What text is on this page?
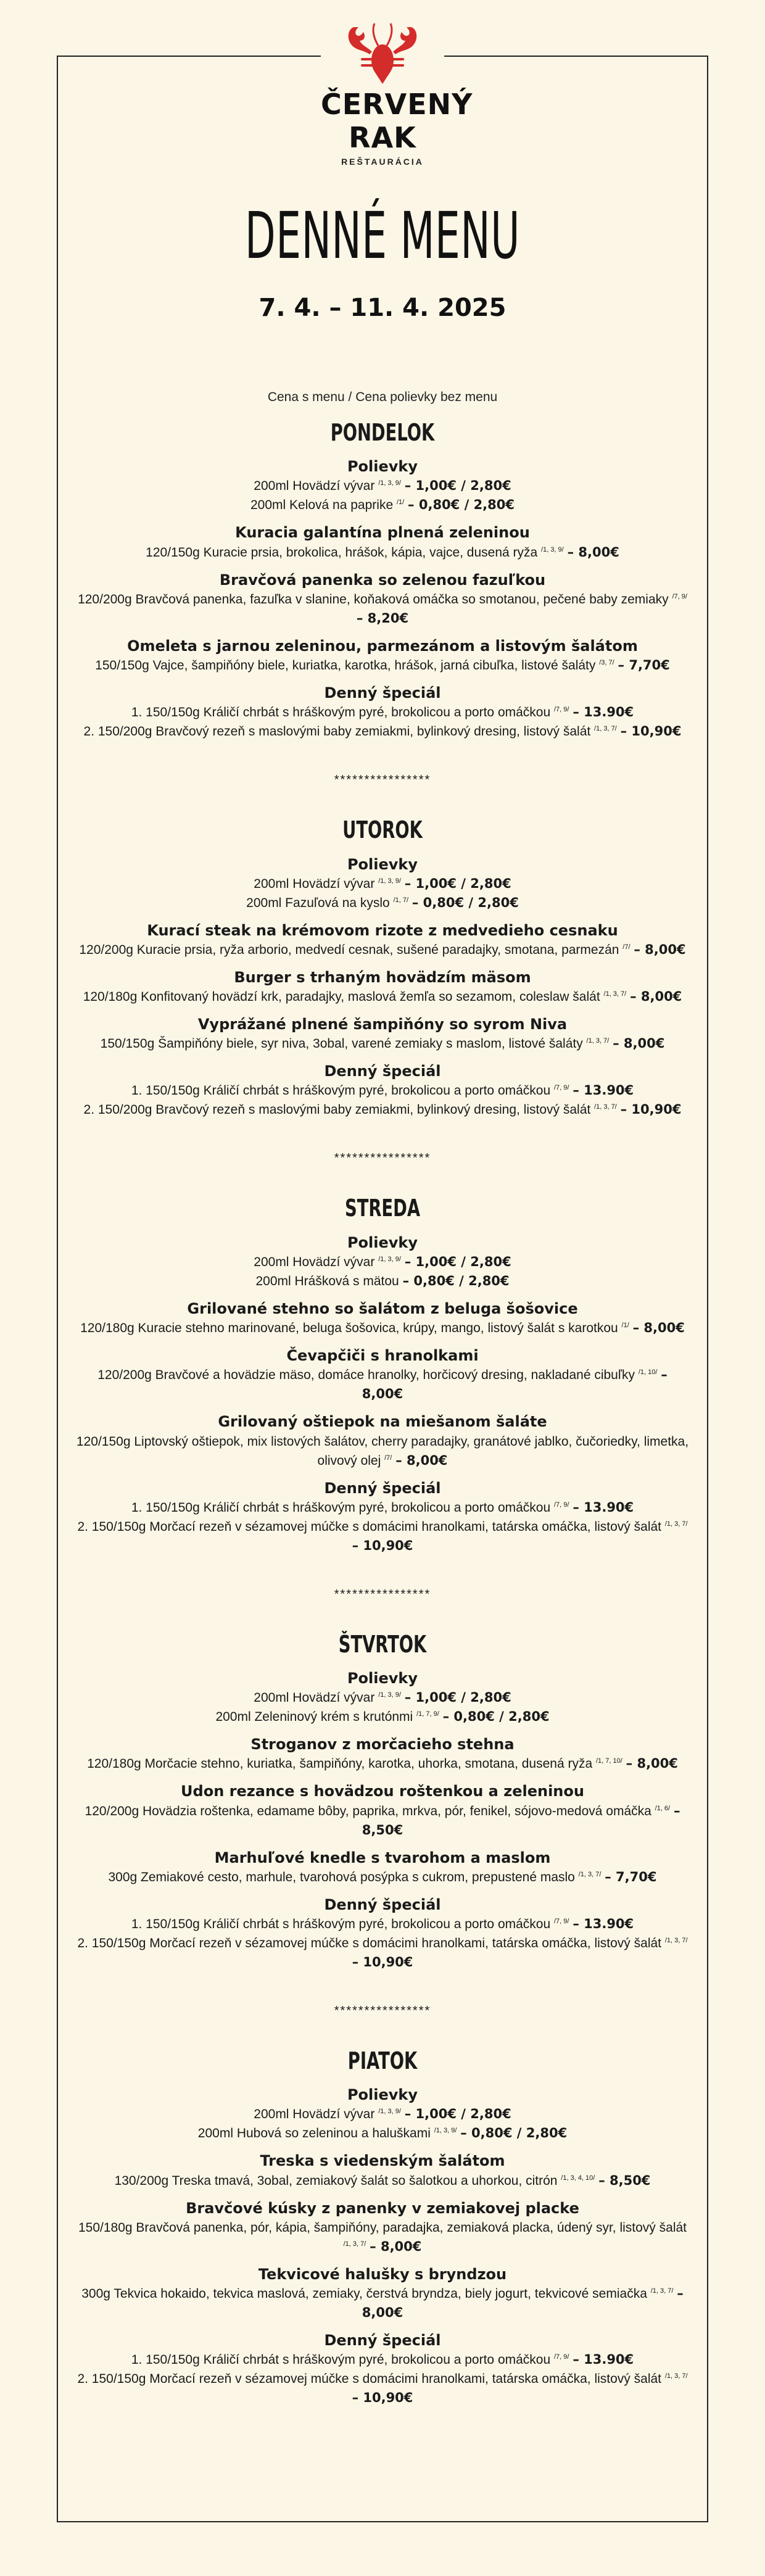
ČERVENÝ RAK
REŠTAURÁCIA
DENNÉ MENU
7. 4. – 11. 4. 2025
Cena s menu / Cena polievky bez menu
PONDELOK
Polievky
200ml Hovädzí vývar $^{/1, 3, 9/}$ – 1,00€ / 2,80€
200ml Kelová na paprike $^{/1/}$ – 0,80€ / 2,80€
Kuracia galantína plnená zeleninou
120/150g Kuracie prsia, brokolica, hrášok, kápia, vajce, dusená ryža $^{/1, 3, 9/}$ – 8,00€
Bravčová panenka so zelenou fazuľkou
120/200g Bravčová panenka, fazuľka v slanine, koňaková omáčka so smotanou, pečené baby zemiaky $^{/7, 9/}$ – 8,20€
Omeleta s jarnou zeleninou, parmezánom a listovým šalátom
150/150g Vajce, šampiňóny biele, kuriatka, karotka, hrášok, jarná cibuľka, listové šaláty $^{/3, 7/}$ – 7,70€
Denný špeciál
1. 150/150g Králičí chrbát s hráškovým pyré, brokolicou a porto omáčkou $^{/7, 9/}$ – 13.90€
2. 150/200g Bravčový rezeň s maslovými baby zemiakmi, bylinkový dresing, listový šalát $^{/1, 3, 7/}$ – 10,90€
****************
UTOROK
Polievky
200ml Hovädzí vývar $^{/1, 3, 9/}$ – 1,00€ / 2,80€
200ml Fazuľová na kyslo $^{/1, 7/}$ – 0,80€ / 2,80€
Kurací steak na krémovom rizote z medvedieho cesnaku
120/200g Kuracie prsia, ryža arborio, medvedí cesnak, sušené paradajky, smotana, parmezán $^{/7/}$ – 8,00€
Burger s trhaným hovädzím mäsom
120/180g Konfitovaný hovädzí krk, paradajky, maslová žemľa so sezamom, coleslaw šalát $^{/1, 3, 7/}$ – 8,00€
Vyprážané plnené šampiňóny so syrom Niva
150/150g Šampiňóny biele, syr niva, 3obal, varené zemiaky s maslom, listové šaláty $^{/1, 3, 7/}$ – 8,00€
Denný špeciál
1. 150/150g Králičí chrbát s hráškovým pyré, brokolicou a porto omáčkou $^{/7, 9/}$ – 13.90€
2. 150/200g Bravčový rezeň s maslovými baby zemiakmi, bylinkový dresing, listový šalát $^{/1, 3, 7/}$ – 10,90€
****************
STREDA
Polievky
200ml Hovädzí vývar $^{/1, 3, 9/}$ – 1,00€ / 2,80€
200ml Hrášková s mätou – 0,80€ / 2,80€
Grilované stehno so šalátom z beluga šošovice
120/180g Kuracie stehno marinované, beluga šošovica, krúpy, mango, listový šalát s karotkou $^{/1/}$ – 8,00€
Čevapčiči s hranolkami
120/200g Bravčové a hovädzie mäso, domáce hranolky, horčicový dresing, nakladané cibuľky $^{/1, 10/}$ – 8,00€
Grilovaný oštiepok na miešanom šaláte
120/150g Liptovský oštiepok, mix listových šalátov, cherry paradajky, granátové jablko, čučoriedky, limetka, olivový olej $^{/7/}$ – 8,00€
Denný špeciál
1. 150/150g Králičí chrbát s hráškovým pyré, brokolicou a porto omáčkou $^{/7, 9/}$ – 13.90€
2. 150/150g Morčací rezeň v sézamovej múčke s domácimi hranolkami, tatárska omáčka, listový šalát $^{/1, 3, 7/}$ – 10,90€
****************
ŠTVRTOK
Polievky
200ml Hovädzí vývar $^{/1, 3, 9/}$ – 1,00€ / 2,80€
200ml Zeleninový krém s krutónmi $^{/1, 7, 9/}$ – 0,80€ / 2,80€
Stroganov z morčacieho stehna
120/180g Morčacie stehno, kuriatka, šampiňóny, karotka, uhorka, smotana, dusená ryža $^{/1, 7, 10/}$ – 8,00€
Udon rezance s hovädzou roštenkou a zeleninou
120/200g Hovädzia roštenka, edamame bôby, paprika, mrkva, pór, fenikel, sójovo-medová omáčka $^{/1, 6/}$ – 8,50€
Marhuľové knedle s tvarohom a maslom
300g Zemiakové cesto, marhule, tvarohová posýpka s cukrom, prepustené maslo $^{/1, 3, 7/}$ – 7,70€
Denný špeciál
1. 150/150g Králičí chrbát s hráškovým pyré, brokolicou a porto omáčkou $^{/7, 9/}$ – 13.90€
2. 150/150g Morčací rezeň v sézamovej múčke s domácimi hranolkami, tatárska omáčka, listový šalát $^{/1, 3, 7/}$ – 10,90€
****************
PIATOK
Polievky
200ml Hovädzí vývar $^{/1, 3, 9/}$ – 1,00€ / 2,80€
200ml Hubová so zeleninou a haluškami $^{/1, 3, 9/}$ – 0,80€ / 2,80€
Treska s viedenským šalátom
130/200g Treska tmavá, 3obal, zemiakový šalát so šalotkou a uhorkou, citrón $^{/1, 3, 4, 10/}$ – 8,50€
Bravčové kúsky z panenky v zemiakovej placke
150/180g Bravčová panenka, pór, kápia, šampiňóny, paradajka, zemiaková placka, údený syr, listový šalát $^{/1, 3, 7/}$ – 8,00€
Tekvicové halušky s bryndzou
300g Tekvica hokaido, tekvica maslová, zemiaky, čerstvá bryndza, biely jogurt, tekvicové semiačka $^{/1, 3, 7/}$ – 8,00€
Denný špeciál
1. 150/150g Králičí chrbát s hráškovým pyré, brokolicou a porto omáčkou $^{/7, 9/}$ – 13.90€
2. 150/150g Morčací rezeň v sézamovej múčke s domácimi hranolkami, tatárska omáčka, listový šalát $^{/1, 3, 7/}$ – 10,90€
